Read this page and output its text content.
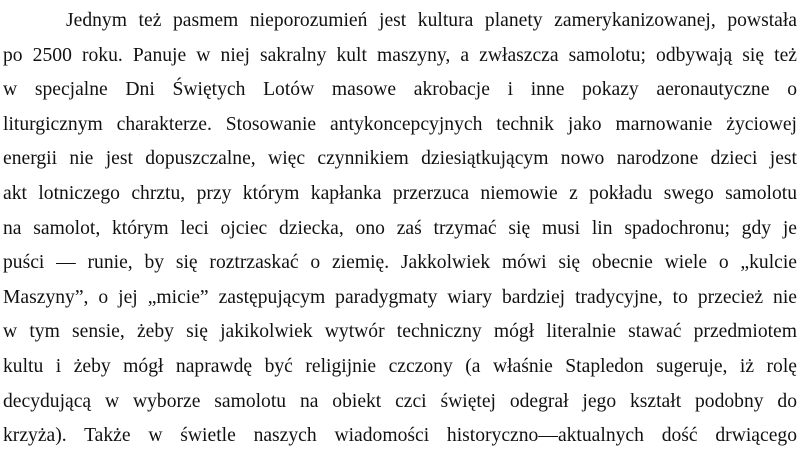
Jednym też pasmem nieporozumień jest kultura planety zamerykanizowanej, powstała
po 2500 roku. Panuje w niej sakralny kult maszyny, a zwłaszcza samolotu; odbywają się też
w specjalne Dni Świętych Lotów masowe akrobacje i inne pokazy aeronautyczne o
liturgicznym charakterze. Stosowanie antykoncepcyjnych technik jako marnowanie życiowej
energii nie jest dopuszczalne, więc czynnikiem dziesiątkującym nowo narodzone dzieci jest
akt lotniczego chrztu, przy którym kapłanka przerzuca niemowie z pokładu swego samolotu
na samolot, którym leci ojciec dziecka, ono zaś trzymać się musi lin spadochronu; gdy je
puści — runie, by się roztrzaskać o ziemię. Jakkolwiek mówi się obecnie wiele o „kulcie
Maszyny”, o jej „micie” zastępującym paradygmaty wiary bardziej tradycyjne, to przecież nie
w tym sensie, żeby się jakikolwiek wytwór techniczny mógł literalnie stawać przedmiotem
kultu i żeby mógł naprawdę być religijnie czczony (a właśnie Stapledon sugeruje, iż rolę
decydującą w wyborze samolotu na obiekt czci świętej odegrał jego kształt podobny do
krzyża). Także w świetle naszych wiadomości historyczno—aktualnych dość drwiącego
